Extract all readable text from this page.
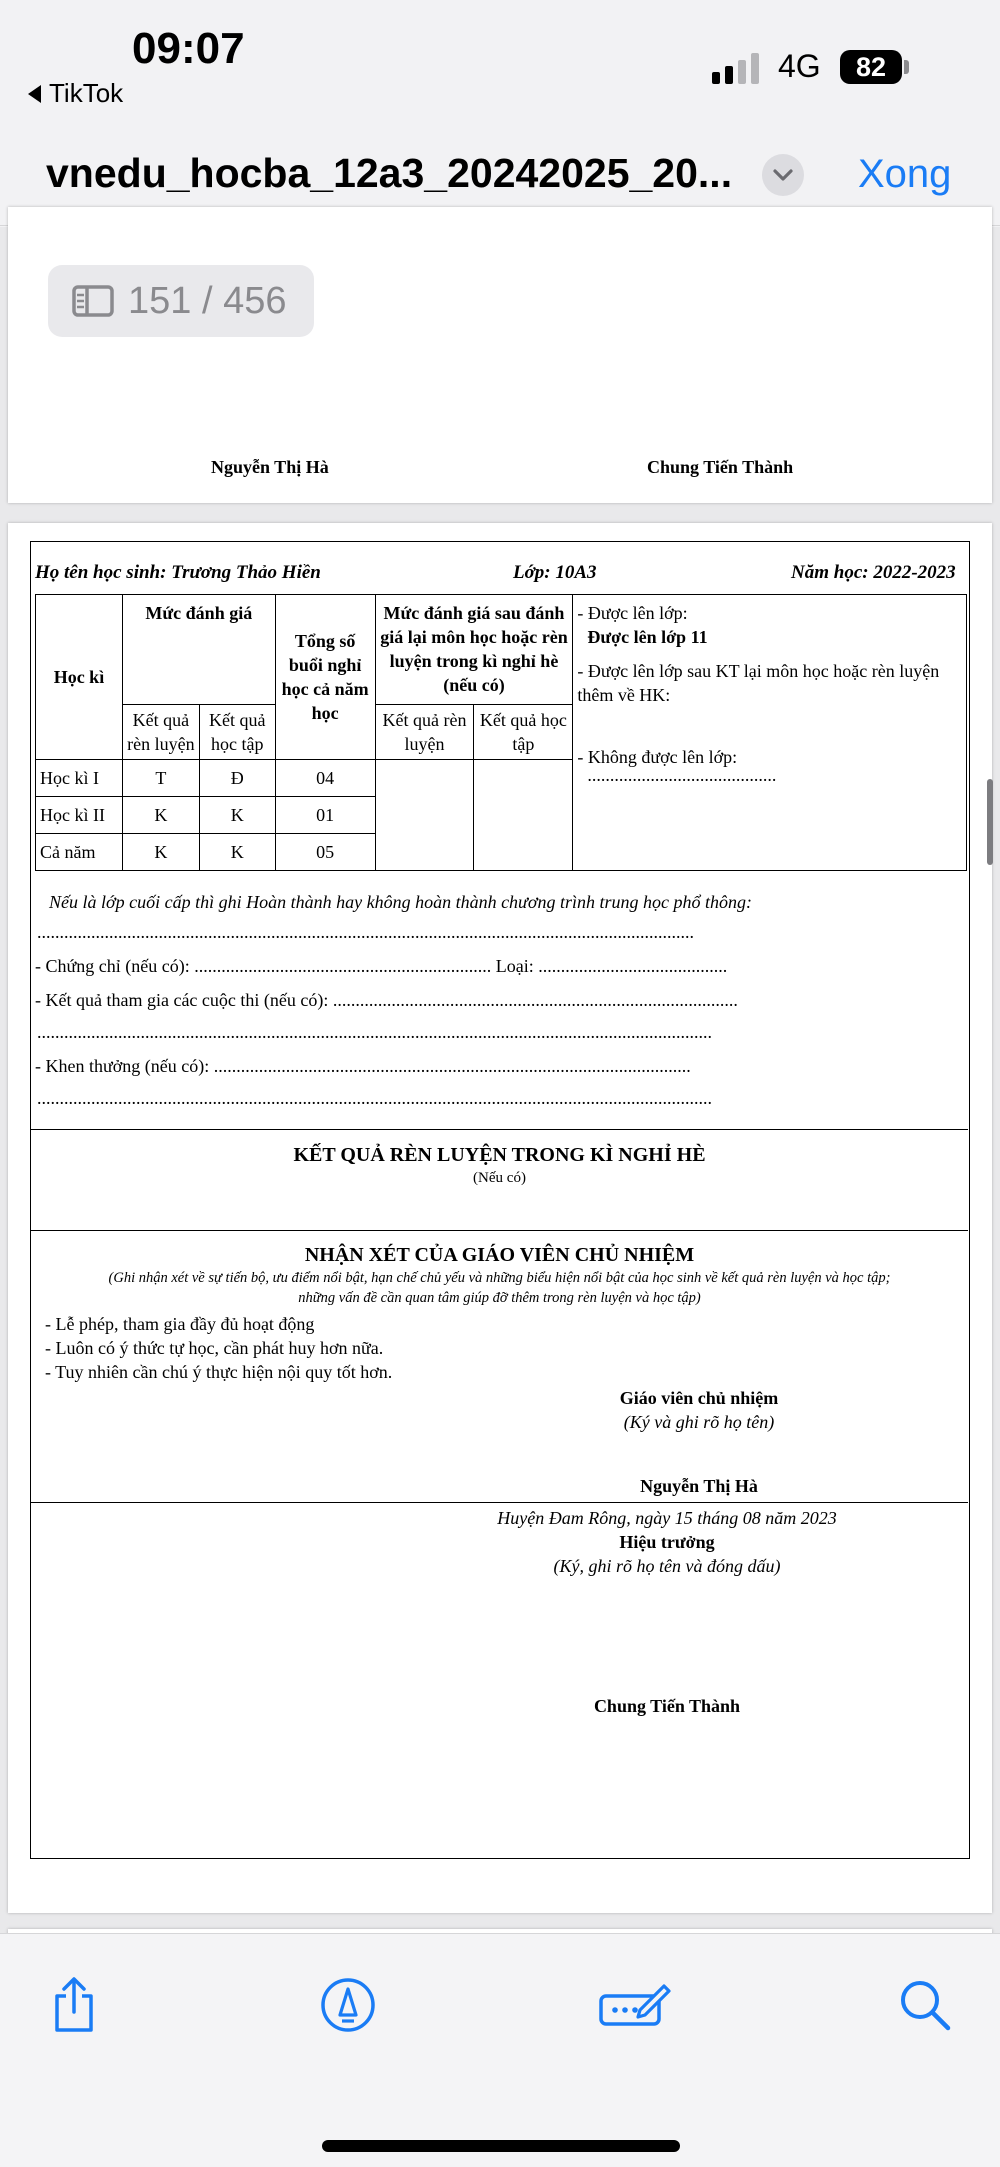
09:07
TikTok
4G	82
vnedu_hocba_12a3_20242025_20...	Xong
Nguyễn Thị Hà	Chung Tiến Thành
151 / 456
Họ tên học sinh: Trương Thảo Hiền	Lớp: 10A3	Năm học: 2022-2023
Học kì	Mức đánh giá		Tổng số buổi nghỉ học cả năm học	Mức đánh giá sau đánh giá lại môn học hoặc rèn luyện trong kì nghỉ hè (nếu có)		- Được lên lớp:
Được lên lớp 11
- Được lên lớp sau KT lại môn học hoặc rèn luyện thêm về HK:
- Không được lên lớp:
..........................................

	Kết quả rèn luyện	Kết quả học tập		Kết quả rèn luyện	Kết quả học tập	
Học kì I	T	Đ	04			
Học kì II	K	K	01			
Cả năm	K	K	05			
Nếu là lớp cuối cấp thì ghi Hoàn thành hay không hoàn thành chương trình trung học phổ thông:
..................................................................................................................................................
- Chứng chỉ (nếu có): .................................................................. Loại: ..........................................
- Kết quả tham gia các cuộc thi (nếu có): ..........................................................................................
......................................................................................................................................................
- Khen thưởng (nếu có): ..........................................................................................................
......................................................................................................................................................
KẾT QUẢ RÈN LUYỆN TRONG KÌ NGHỈ HÈ
(Nếu có)
NHẬN XÉT CỦA GIÁO VIÊN CHỦ NHIỆM
(Ghi nhận xét về sự tiến bộ, ưu điểm nổi bật, hạn chế chủ yếu và những biểu hiện nổi bật của học sinh về kết quả rèn luyện và học tập;
những vấn đề cần quan tâm giúp đỡ thêm trong rèn luyện và học tập)
- Lễ phép, tham gia đầy đủ hoạt động
- Luôn có ý thức tự học, cần phát huy hơn nữa.
- Tuy nhiên cần chú ý thực hiện nội quy tốt hơn.
Giáo viên chủ nhiệm
(Ký và ghi rõ họ tên)
Nguyễn Thị Hà
Huyện Đam Rông, ngày 15 tháng 08 năm 2023
Hiệu trưởng
(Ký, ghi rõ họ tên và đóng dấu)
Chung Tiến Thành
